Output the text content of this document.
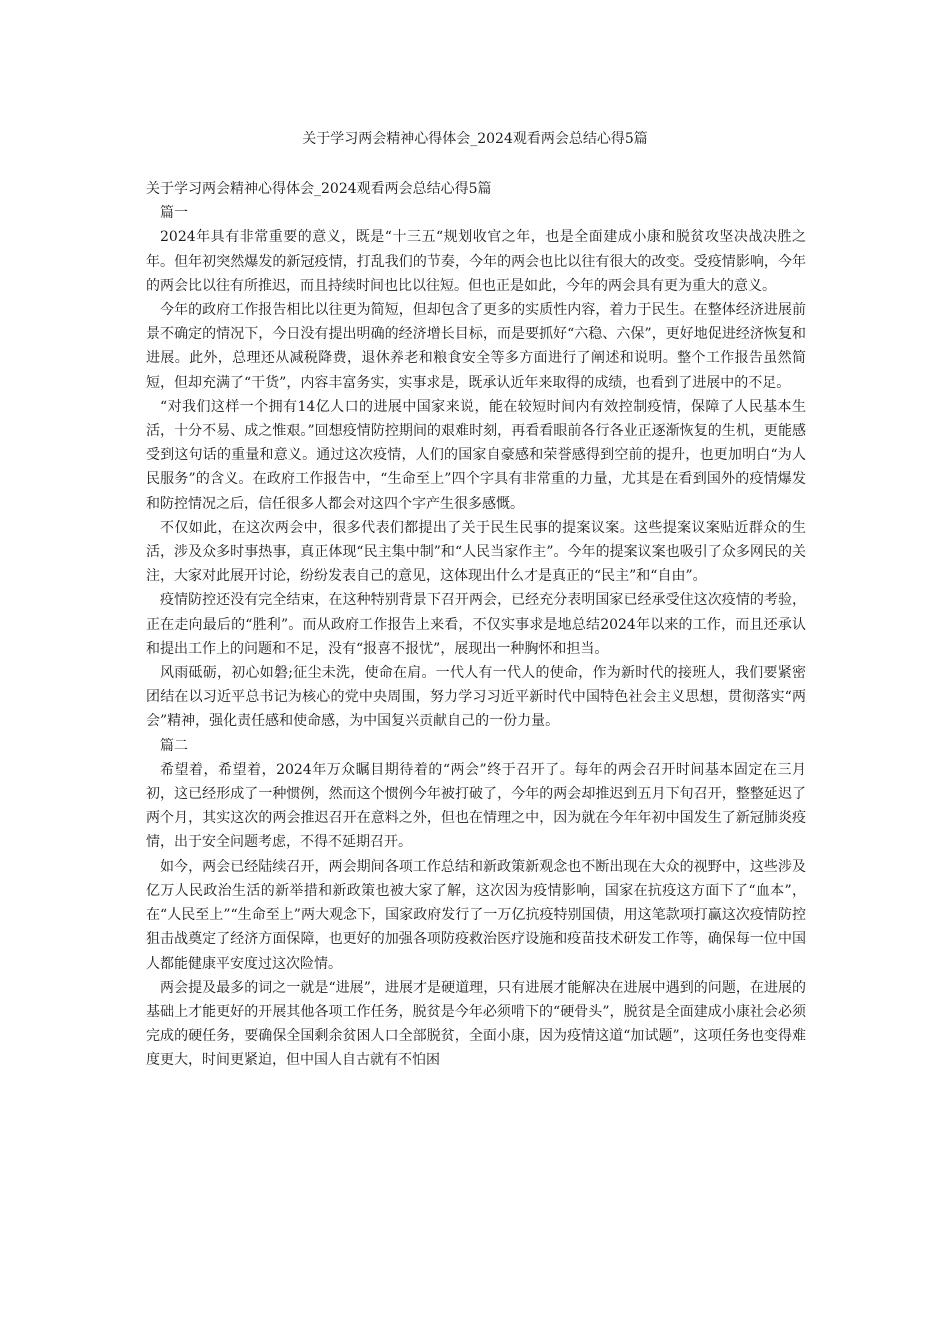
关于学习两会精神心得体会_2024观看两会总结心得5篇

关于学习两会精神心得体会_2024观看两会总结心得5篇

篇一

2024年具有非常重要的意义，既是“十三五“规划收官之年，也是全面建成小康和脱贫攻坚决战决胜之年。但年初突然爆发的新冠疫情，打乱我们的节奏，今年的两会也比以往有很大的改变。受疫情影响，今年的两会比以往有所推迟，而且持续时间也比以往短。但也正是如此，今年的两会具有更为重大的意义。

今年的政府工作报告相比以往更为简短，但却包含了更多的实质性内容，着力于民生。在整体经济进展前景不确定的情况下，今日没有提出明确的经济增长目标，而是要抓好“六稳、六保”，更好地促进经济恢复和进展。此外，总理还从减税降费，退休养老和粮食安全等多方面进行了阐述和说明。整个工作报告虽然简短，但却充满了“干货”，内容丰富务实，实事求是，既承认近年来取得的成绩，也看到了进展中的不足。

“对我们这样一个拥有14亿人口的进展中国家来说，能在较短时间内有效控制疫情，保障了人民基本生活，十分不易、成之惟艰。”回想疫情防控期间的艰难时刻，再看看眼前各行各业正逐渐恢复的生机，更能感受到这句话的重量和意义。通过这次疫情，人们的国家自豪感和荣誉感得到空前的提升，也更加明白“为人民服务”的含义。在政府工作报告中，“生命至上”四个字具有非常重的力量，尤其是在看到国外的疫情爆发和防控情况之后，信任很多人都会对这四个字产生很多感慨。

不仅如此，在这次两会中，很多代表们都提出了关于民生民事的提案议案。这些提案议案贴近群众的生活，涉及众多时事热事，真正体现“民主集中制”和“人民当家作主”。今年的提案议案也吸引了众多网民的关注，大家对此展开讨论，纷纷发表自己的意见，这体现出什么才是真正的“民主”和“自由”。

疫情防控还没有完全结束，在这种特别背景下召开两会，已经充分表明国家已经承受住这次疫情的考验，正在走向最后的“胜利”。而从政府工作报告上来看，不仅实事求是地总结2024年以来的工作，而且还承认和提出工作上的问题和不足，没有“报喜不报忧”，展现出一种胸怀和担当。

风雨砥砺，初心如磐;征尘未洗，使命在肩。一代人有一代人的使命，作为新时代的接班人，我们要紧密团结在以习近平总书记为核心的党中央周围，努力学习习近平新时代中国特色社会主义思想，贯彻落实“两会”精神，强化责任感和使命感，为中国复兴贡献自己的一份力量。

篇二

希望着，希望着，2024年万众瞩目期待着的“两会”终于召开了。每年的两会召开时间基本固定在三月初，这已经形成了一种惯例，然而这个惯例今年被打破了，今年的两会却推迟到五月下旬召开，整整延迟了两个月，其实这次的两会推迟召开在意料之外，但也在情理之中，因为就在今年年初中国发生了新冠肺炎疫情，出于安全问题考虑，不得不延期召开。

如今，两会已经陆续召开，两会期间各项工作总结和新政策新观念也不断出现在大众的视野中，这些涉及亿万人民政治生活的新举措和新政策也被大家了解，这次因为疫情影响，国家在抗疫这方面下了“血本”，在“人民至上”“生命至上”两大观念下，国家政府发行了一万亿抗疫特别国债，用这笔款项打赢这次疫情防控狙击战奠定了经济方面保障，也更好的加强各项防疫救治医疗设施和疫苗技术研发工作等，确保每一位中国人都能健康平安度过这次险情。

两会提及最多的词之一就是“进展”，进展才是硬道理，只有进展才能解决在进展中遇到的问题，在进展的基础上才能更好的开展其他各项工作任务，脱贫是今年必须啃下的“硬骨头”，脱贫是全面建成小康社会必须完成的硬任务，要确保全国剩余贫困人口全部脱贫，全面小康，因为疫情这道“加试题”，这项任务也变得难度更大，时间更紧迫，但中国人自古就有不怕困
